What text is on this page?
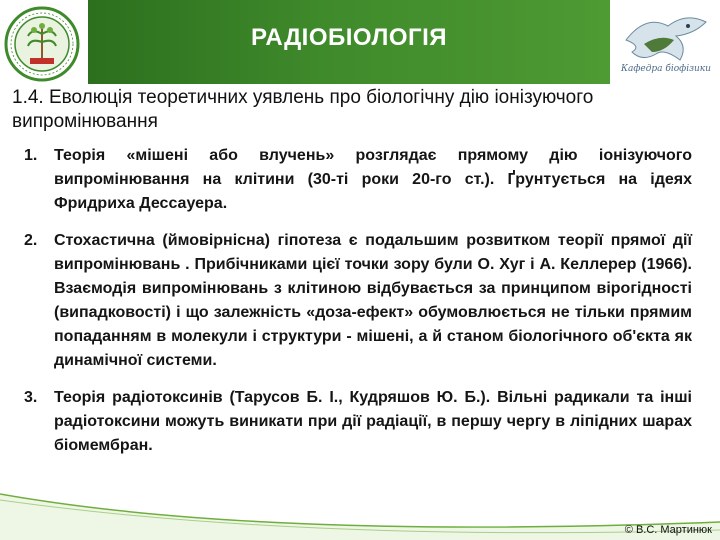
РАДІОБІОЛОГІЯ
Кафедра біофізики
1.4. Еволюція теоретичних уявлень про біологічну дію іонізуючого випромінювання
1. Теорія «мішені або влучень» розглядає прямому дію іонізуючого випромінювання на клітини (30-ті роки 20-го ст.). Ґрунтується на ідеях Фридриха Дессауера.
2. Стохастична (ймовірнісна) гіпотеза є подальшим розвитком теорії прямої дії випромінювань . Прибічниками цієї точки зору були О. Хуг і А. Келлерер (1966). Взаємодія випромінювань з клітиною відбувається за принципом вірогідності (випадковості) і що залежність «доза-ефект» обумовлюється не тільки прямим попаданням в молекули і структури - мішені, а й станом біологічного об'єкта як динамічної системи.
3. Теорія радіотоксинів (Тарусов Б. І., Кудряшов Ю. Б.). Вільні радикали та інші радіотоксини можуть виникати при дії радіації, в першу чергу в ліпідних шарах біомембран.
© В.С. Мартинюк
